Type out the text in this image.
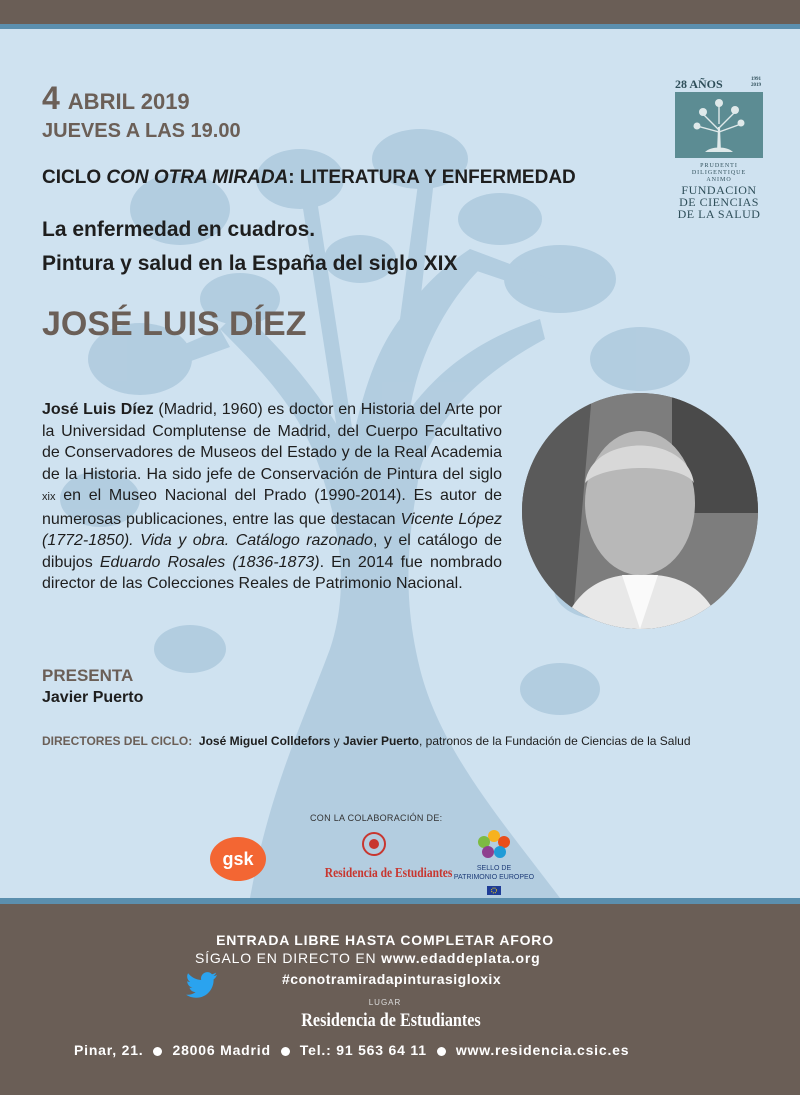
4 ABRIL 2019
JUEVES A LAS 19.00
CICLO CON OTRA MIRADA: LITERATURA Y ENFERMEDAD
La enfermedad en cuadros.
Pintura y salud en la España del siglo XIX
JOSÉ LUIS DÍEZ
José Luis Díez (Madrid, 1960) es doctor en Historia del Arte por la Universidad Complutense de Madrid, del Cuerpo Facultativo de Conservadores de Museos del Estado y de la Real Academia de la Historia. Ha sido jefe de Conservación de Pintura del siglo xix en el Museo Nacional del Prado (1990-2014). Es autor de numerosas publicaciones, entre las que destacan Vicente López (1772-1850). Vida y obra. Catálogo razonado, y el catálogo de dibujos Eduardo Rosales (1836-1873). En 2014 fue nombrado director de las Colecciones Reales de Patrimonio Nacional.
PRESENTA
Javier Puerto
DIRECTORES DEL CICLO: José Miguel Colldefors y Javier Puerto, patronos de la Fundación de Ciencias de la Salud
CON LA COLABORACIÓN DE:
gsk
Residencia de Estudiantes	SELLO DE
PATRIMONIO EUROPEO
28 AÑOS	1991
2019
PRUDENTI
DILIGENTIQUE
ANIMO
FUNDACION
DE CIENCIAS
DE LA SALUD
ENTRADA LIBRE HASTA COMPLETAR AFORO
SÍGALO EN DIRECTO EN www.edaddeplata.org
#conotramiradapinturasigloxix
LUGAR
Residencia de Estudiantes
Pinar, 21. 28006 Madrid Tel.: 91 563 64 11 www.residencia.csic.es
